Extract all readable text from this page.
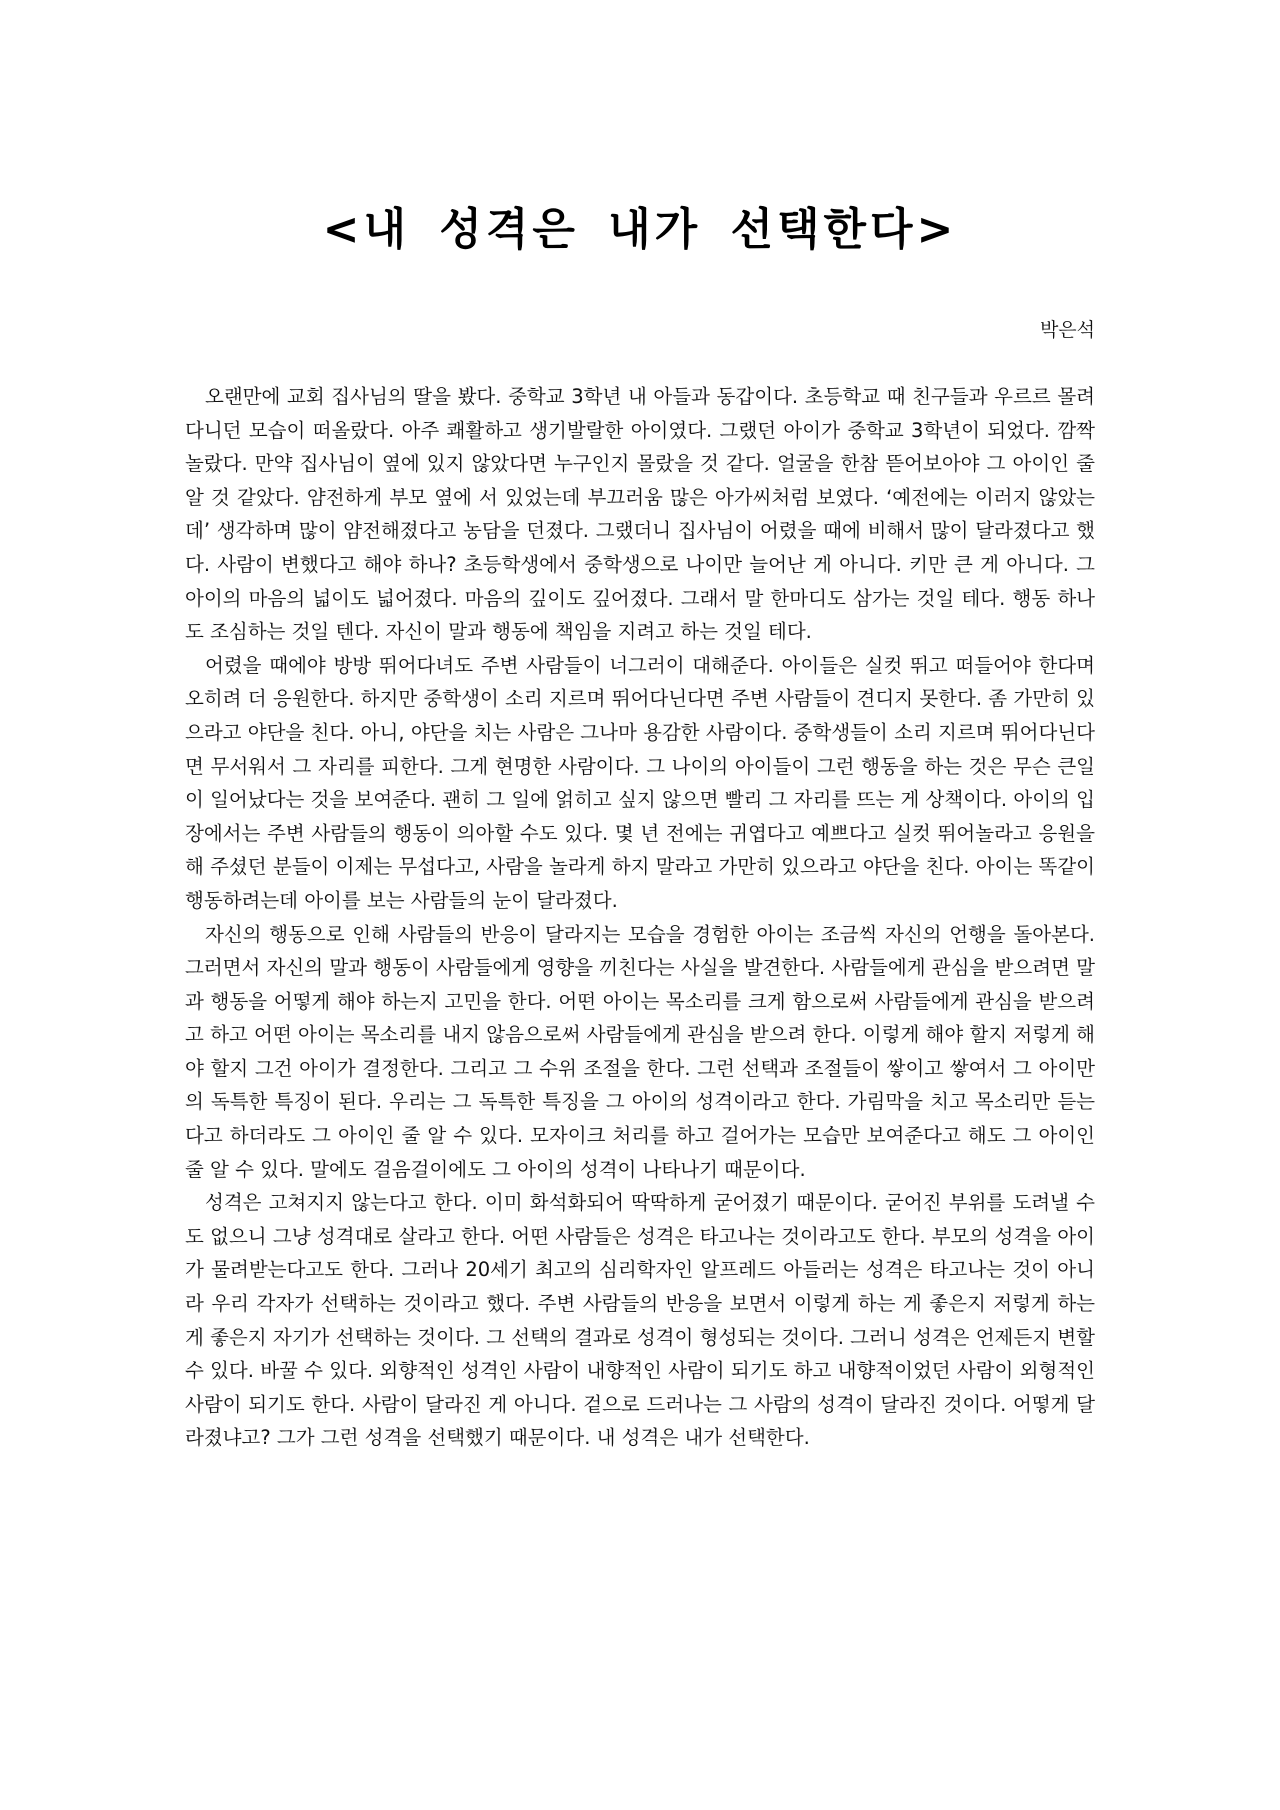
<내 성격은 내가 선택한다>
박은석

오랜만에 교회 집사님의 딸을 봤다. 중학교 3학년 내 아들과 동갑이다. 초등학교 때 친구들과 우르르 몰려다니던 모습이 떠올랐다. 아주 쾌활하고 생기발랄한 아이였다. 그랬던 아이가 중학교 3학년이 되었다. 깜짝 놀랐다. 만약 집사님이 옆에 있지 않았다면 누구인지 몰랐을 것 같다. 얼굴을 한참 뜯어보아야 그 아이인 줄 알 것 같았다. 얌전하게 부모 옆에 서 있었는데 부끄러움 많은 아가씨처럼 보였다. ‘예전에는 이러지 않았는데’ 생각하며 많이 얌전해졌다고 농담을 던졌다. 그랬더니 집사님이 어렸을 때에 비해서 많이 달라졌다고 했다. 사람이 변했다고 해야 하나? 초등학생에서 중학생으로 나이만 늘어난 게 아니다. 키만 큰 게 아니다. 그 아이의 마음의 넓이도 넓어졌다. 마음의 깊이도 깊어졌다. 그래서 말 한마디도 삼가는 것일 테다. 행동 하나도 조심하는 것일 텐다. 자신이 말과 행동에 책임을 지려고 하는 것일 테다.

어렸을 때에야 방방 뛰어다녀도 주변 사람들이 너그러이 대해준다. 아이들은 실컷 뛰고 떠들어야 한다며 오히려 더 응원한다. 하지만 중학생이 소리 지르며 뛰어다닌다면 주변 사람들이 견디지 못한다. 좀 가만히 있으라고 야단을 친다. 아니, 야단을 치는 사람은 그나마 용감한 사람이다. 중학생들이 소리 지르며 뛰어다닌다면 무서워서 그 자리를 피한다. 그게 현명한 사람이다. 그 나이의 아이들이 그런 행동을 하는 것은 무슨 큰일이 일어났다는 것을 보여준다. 괜히 그 일에 얽히고 싶지 않으면 빨리 그 자리를 뜨는 게 상책이다. 아이의 입장에서는 주변 사람들의 행동이 의아할 수도 있다. 몇 년 전에는 귀엽다고 예쁘다고 실컷 뛰어놀라고 응원을 해 주셨던 분들이 이제는 무섭다고, 사람을 놀라게 하지 말라고 가만히 있으라고 야단을 친다. 아이는 똑같이 행동하려는데 아이를 보는 사람들의 눈이 달라졌다.

자신의 행동으로 인해 사람들의 반응이 달라지는 모습을 경험한 아이는 조금씩 자신의 언행을 돌아본다. 그러면서 자신의 말과 행동이 사람들에게 영향을 끼친다는 사실을 발견한다. 사람들에게 관심을 받으려면 말과 행동을 어떻게 해야 하는지 고민을 한다. 어떤 아이는 목소리를 크게 함으로써 사람들에게 관심을 받으려고 하고 어떤 아이는 목소리를 내지 않음으로써 사람들에게 관심을 받으려 한다. 이렇게 해야 할지 저렇게 해야 할지 그건 아이가 결정한다. 그리고 그 수위 조절을 한다. 그런 선택과 조절들이 쌓이고 쌓여서 그 아이만의 독특한 특징이 된다. 우리는 그 독특한 특징을 그 아이의 성격이라고 한다. 가림막을 치고 목소리만 듣는다고 하더라도 그 아이인 줄 알 수 있다. 모자이크 처리를 하고 걸어가는 모습만 보여준다고 해도 그 아이인 줄 알 수 있다. 말에도 걸음걸이에도 그 아이의 성격이 나타나기 때문이다.

성격은 고쳐지지 않는다고 한다. 이미 화석화되어 딱딱하게 굳어졌기 때문이다. 굳어진 부위를 도려낼 수도 없으니 그냥 성격대로 살라고 한다. 어떤 사람들은 성격은 타고나는 것이라고도 한다. 부모의 성격을 아이가 물려받는다고도 한다. 그러나 20세기 최고의 심리학자인 알프레드 아들러는 성격은 타고나는 것이 아니라 우리 각자가 선택하는 것이라고 했다. 주변 사람들의 반응을 보면서 이렇게 하는 게 좋은지 저렇게 하는 게 좋은지 자기가 선택하는 것이다. 그 선택의 결과로 성격이 형성되는 것이다. 그러니 성격은 언제든지 변할 수 있다. 바꿀 수 있다. 외향적인 성격인 사람이 내향적인 사람이 되기도 하고 내향적이었던 사람이 외형적인 사람이 되기도 한다. 사람이 달라진 게 아니다. 겉으로 드러나는 그 사람의 성격이 달라진 것이다. 어떻게 달라졌냐고? 그가 그런 성격을 선택했기 때문이다. 내 성격은 내가 선택한다.
